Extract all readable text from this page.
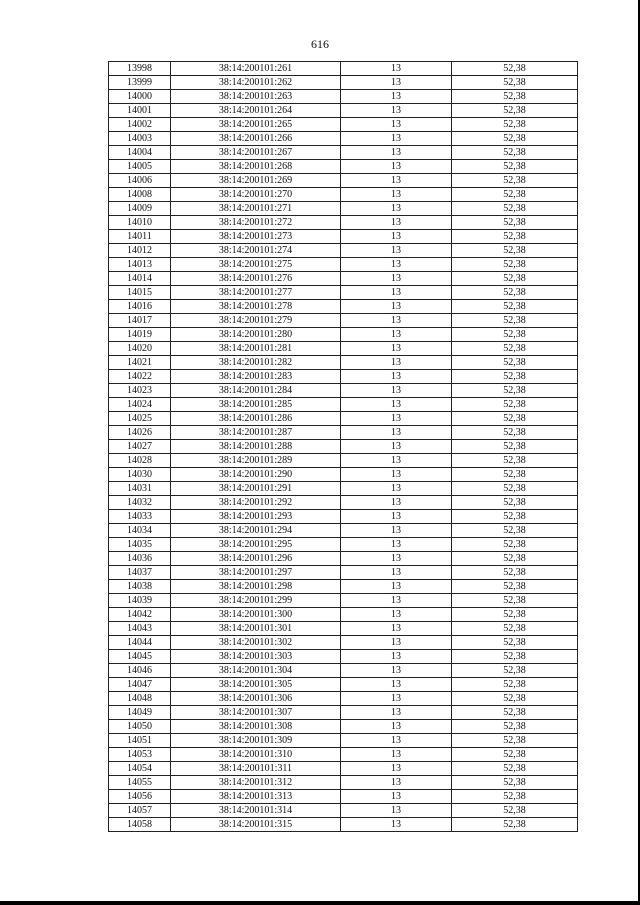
616
13998	38:14:200101:261	13	52,38
13999	38:14:200101:262	13	52,38
14000	38:14:200101:263	13	52,38
14001	38:14:200101:264	13	52,38
14002	38:14:200101:265	13	52,38
14003	38:14:200101:266	13	52,38
14004	38:14:200101:267	13	52,38
14005	38:14:200101:268	13	52,38
14006	38:14:200101:269	13	52,38
14008	38:14:200101:270	13	52,38
14009	38:14:200101:271	13	52,38
14010	38:14:200101:272	13	52,38
14011	38:14:200101:273	13	52,38
14012	38:14:200101:274	13	52,38
14013	38:14:200101:275	13	52,38
14014	38:14:200101:276	13	52,38
14015	38:14:200101:277	13	52,38
14016	38:14:200101:278	13	52,38
14017	38:14:200101:279	13	52,38
14019	38:14:200101:280	13	52,38
14020	38:14:200101:281	13	52,38
14021	38:14:200101:282	13	52,38
14022	38:14:200101:283	13	52,38
14023	38:14:200101:284	13	52,38
14024	38:14:200101:285	13	52,38
14025	38:14:200101:286	13	52,38
14026	38:14:200101:287	13	52,38
14027	38:14:200101:288	13	52,38
14028	38:14:200101:289	13	52,38
14030	38:14:200101:290	13	52,38
14031	38:14:200101:291	13	52,38
14032	38:14:200101:292	13	52,38
14033	38:14:200101:293	13	52,38
14034	38:14:200101:294	13	52,38
14035	38:14:200101:295	13	52,38
14036	38:14:200101:296	13	52,38
14037	38:14:200101:297	13	52,38
14038	38:14:200101:298	13	52,38
14039	38:14:200101:299	13	52,38
14042	38:14:200101:300	13	52,38
14043	38:14:200101:301	13	52,38
14044	38:14:200101:302	13	52,38
14045	38:14:200101:303	13	52,38
14046	38:14:200101:304	13	52,38
14047	38:14:200101:305	13	52,38
14048	38:14:200101:306	13	52,38
14049	38:14:200101:307	13	52,38
14050	38:14:200101:308	13	52,38
14051	38:14:200101:309	13	52,38
14053	38:14:200101:310	13	52,38
14054	38:14:200101:311	13	52,38
14055	38:14:200101:312	13	52,38
14056	38:14:200101:313	13	52,38
14057	38:14:200101:314	13	52,38
14058	38:14:200101:315	13	52,38
